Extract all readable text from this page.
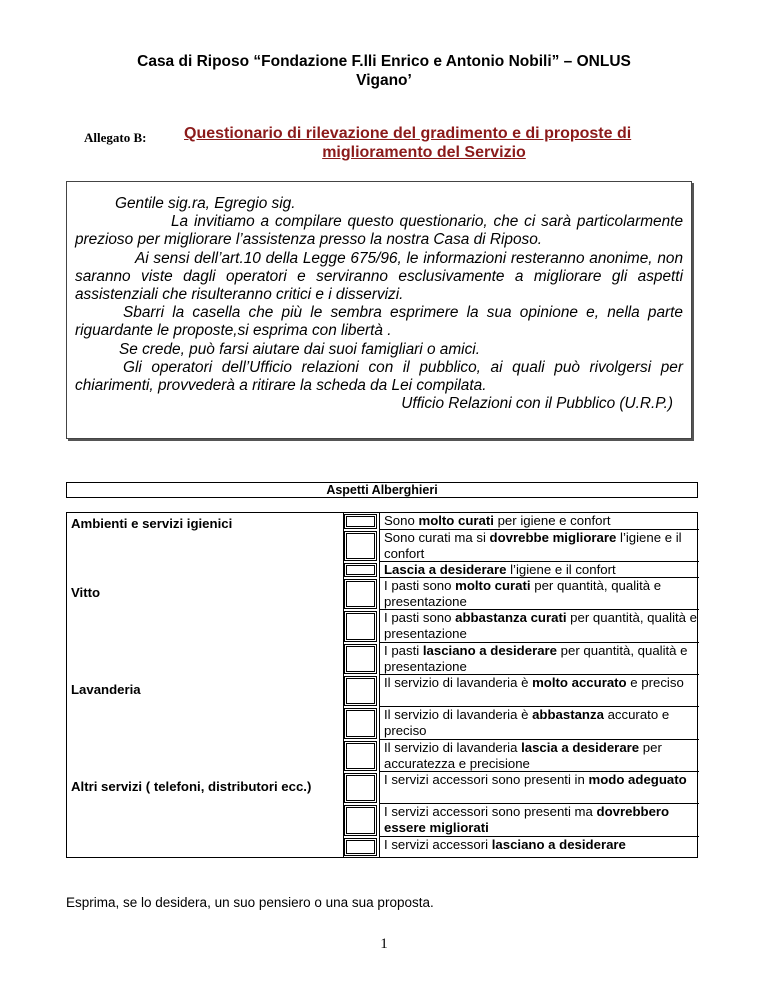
Casa di Riposo “Fondazione F.lli Enrico e Antonio Nobili” – ONLUS
Vigano’
Allegato B:	Questionario di rilevazione del gradimento e di proposte di
miglioramento del Servizio

Gentile sig.ra, Egregio sig.

La invitiamo a compilare questo questionario, che ci sarà particolarmente prezioso per migliorare l’assistenza presso la nostra Casa di Riposo.

Ai sensi dell’art.10 della Legge 675/96, le informazioni resteranno anonime, non saranno viste dagli operatori e serviranno esclusivamente a migliorare gli aspetti assistenziali che risulteranno critici e i disservizi.

Sbarri la casella che più le sembra esprimere la sua opinione e, nella parte riguardante le proposte,si esprima con libertà .

Se crede, può farsi aiutare dai suoi famigliari o amici.

Gli operatori dell’Ufficio relazioni con il pubblico, ai quali può rivolgersi per chiarimenti, provvederà a ritirare la scheda da Lei compilata.

Ufficio Relazioni con il Pubblico (U.R.P.)

Aspetti Alberghieri
Ambienti e servizi igienici
Vitto
Lavanderia
Altri servizi ( telefoni, distributori ecc.)
Sono molto curati per igiene e confort
Sono curati ma si dovrebbe migliorare l’igiene e il confort
Lascia a desiderare l’igiene e il confort
I pasti sono molto curati per quantità, qualità e presentazione
I pasti sono abbastanza curati per quantità, qualità e presentazione
I pasti lasciano a desiderare per quantità, qualità e presentazione
Il servizio di lavanderia è molto accurato e preciso
Il servizio di lavanderia è abbastanza accurato e preciso
Il servizio di lavanderia lascia a desiderare per accuratezza e precisione
I servizi accessori sono presenti in modo adeguato
I servizi accessori sono presenti ma dovrebbero essere migliorati
I servizi accessori lasciano a desiderare
Esprima, se lo desidera, un suo pensiero o una sua proposta.
1
